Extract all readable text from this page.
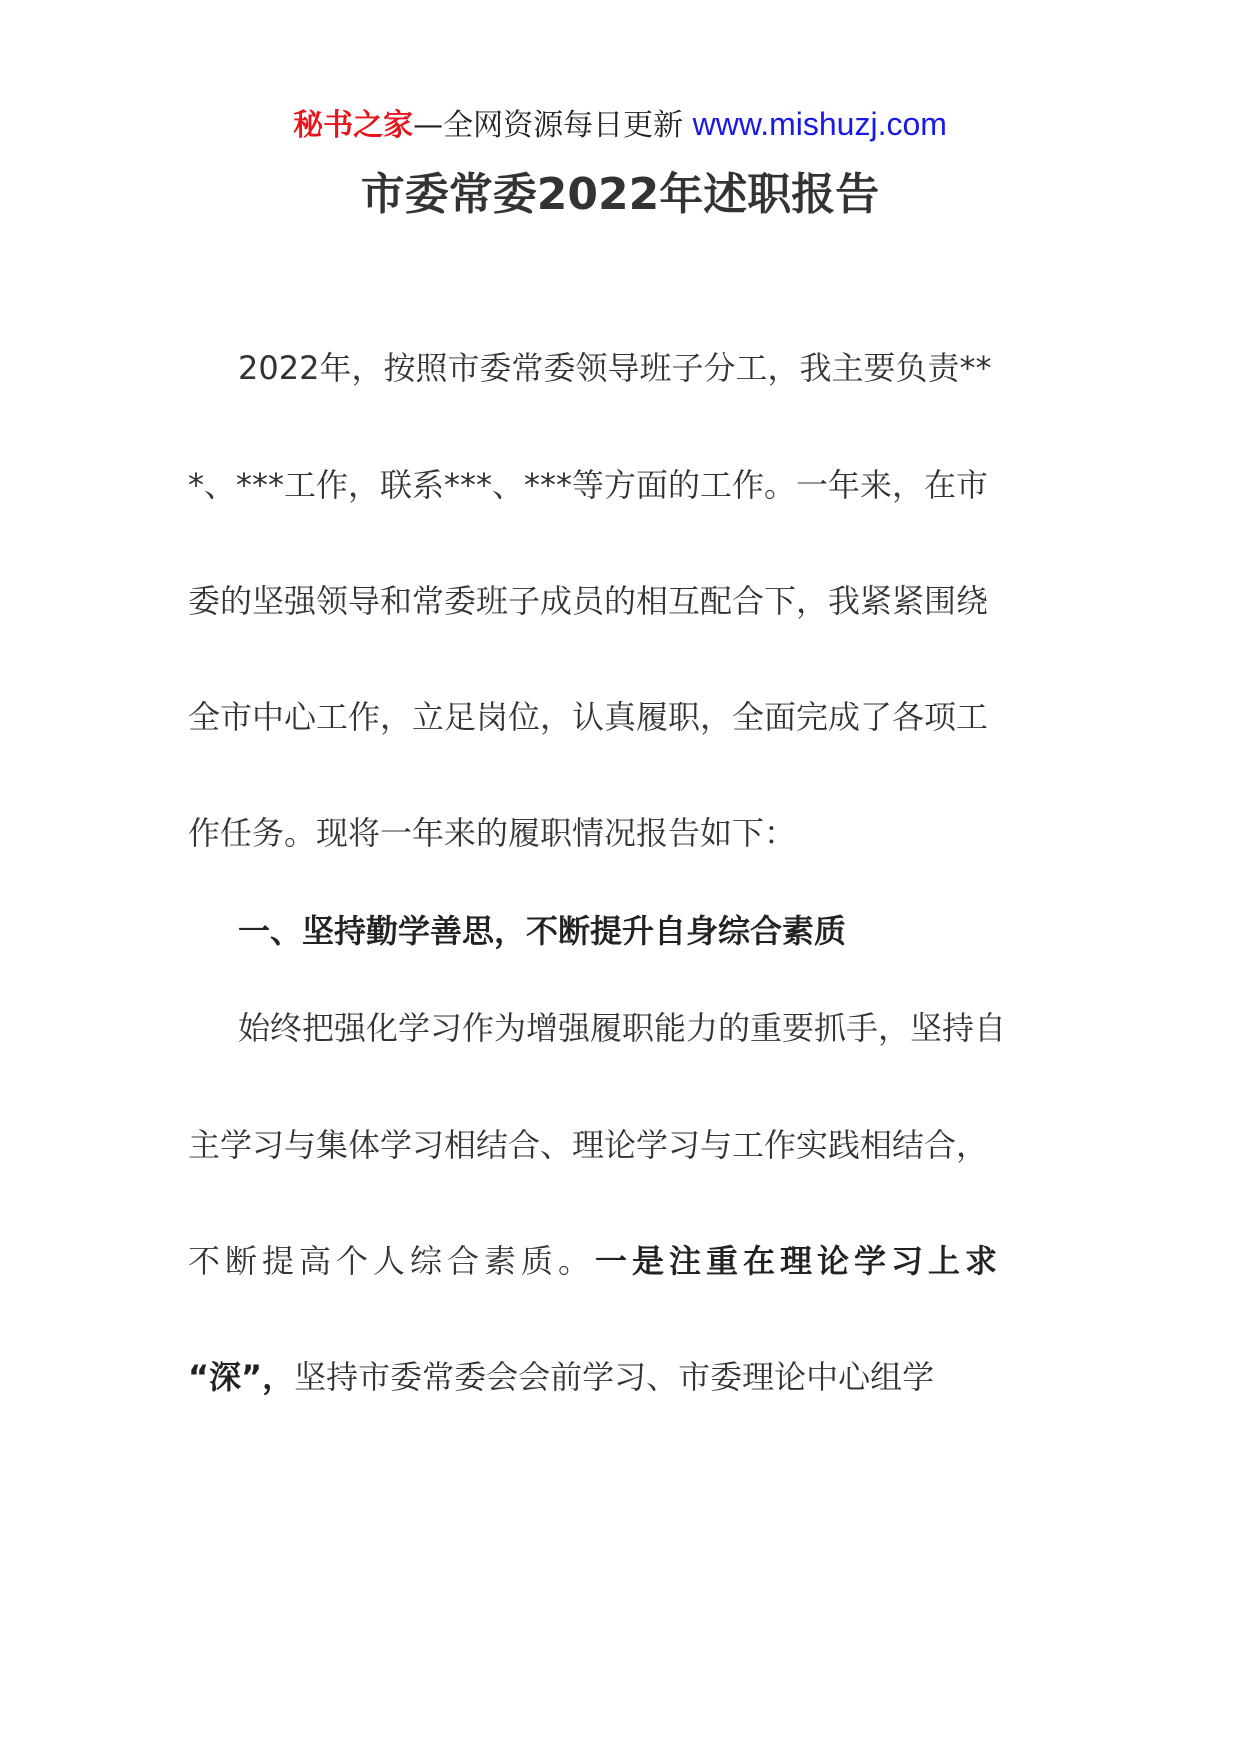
秘书之家—全网资源每日更新 www.mishuzj.com
市委常委2022年述职报告
2022年，按照市委常委领导班子分工，我主要负责**
*、***工作，联系***、***等方面的工作。一年来，在市
委的坚强领导和常委班子成员的相互配合下，我紧紧围绕
全市中心工作，立足岗位，认真履职，全面完成了各项工
作任务。现将一年来的履职情况报告如下：
一、坚持勤学善思，不断提升自身综合素质
始终把强化学习作为增强履职能力的重要抓手，坚持自
主学习与集体学习相结合、理论学习与工作实践相结合，
不断提高个人综合素质。一是注重在理论学习上求
“深”，坚持市委常委会会前学习、市委理论中心组学
